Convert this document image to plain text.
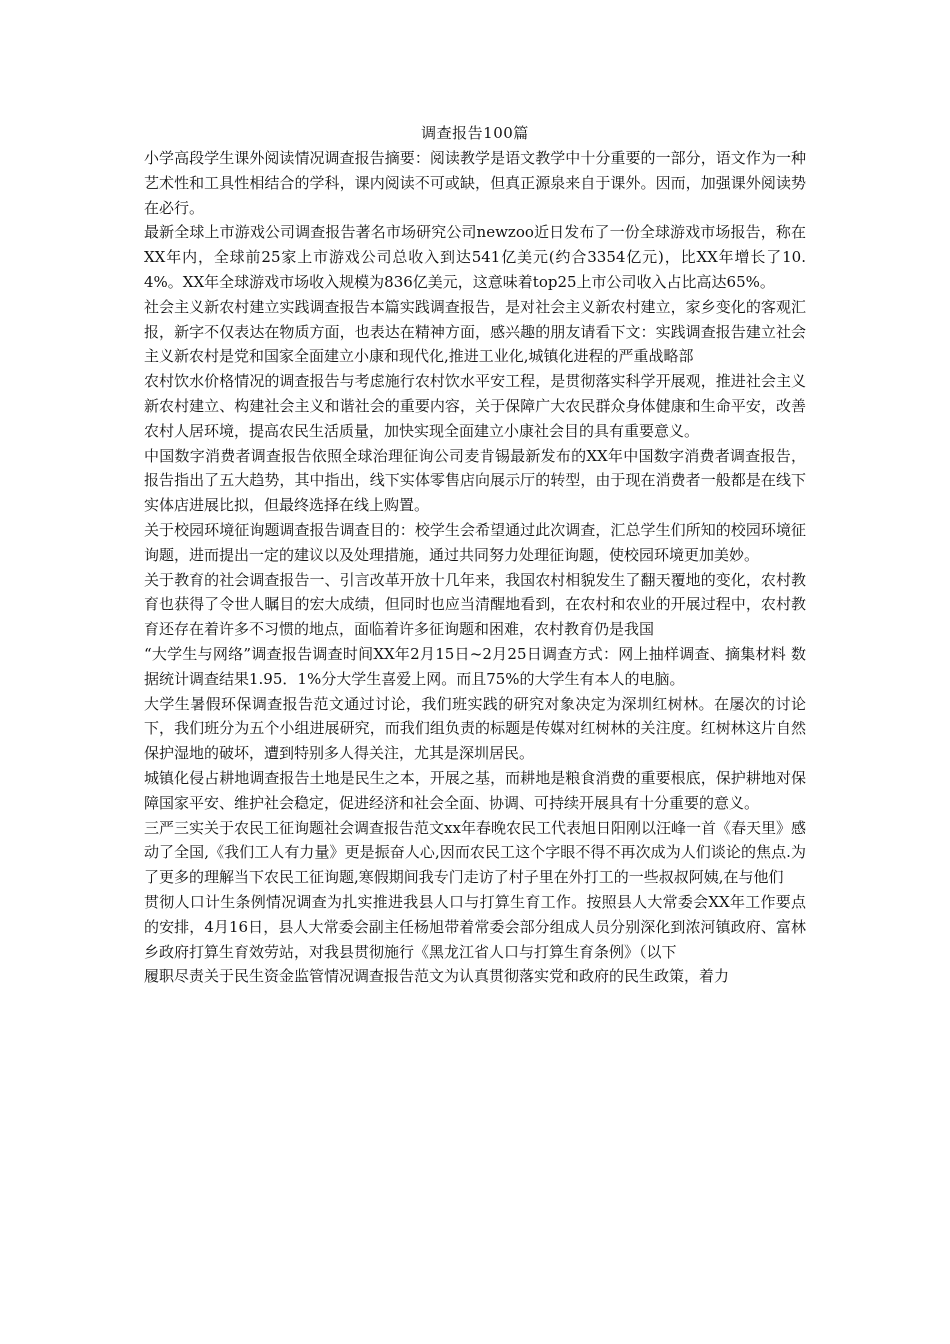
调查报告100篇

小学高段学生课外阅读情况调查报告摘要：阅读教学是语文教学中十分重要的一部分，语文作为一种艺术性和工具性相结合的学科，课内阅读不可或缺，但真正源泉来自于课外。因而，加强课外阅读势在必行。

最新全球上市游戏公司调查报告著名市场研究公司newzoo近日发布了一份全球游戏市场报告，称在XX年内，全球前25家上市游戏公司总收入到达541亿美元(约合3354亿元)，比XX年增长了10.4%。XX年全球游戏市场收入规模为836亿美元，这意味着top25上市公司收入占比高达65%。

社会主义新农村建立实践调查报告本篇实践调查报告，是对社会主义新农村建立，家乡变化的客观汇报，新字不仅表达在物质方面，也表达在精神方面，感兴趣的朋友请看下文：实践调查报告建立社会主义新农村是党和国家全面建立小康和现代化,推进工业化,城镇化进程的严重战略部

农村饮水价格情况的调查报告与考虑施行农村饮水平安工程，是贯彻落实科学开展观，推进社会主义新农村建立、构建社会主义和谐社会的重要内容，关于保障广大农民群众身体健康和生命平安，改善农村人居环境，提高农民生活质量，加快实现全面建立小康社会目的具有重要意义。

中国数字消费者调查报告依照全球治理征询公司麦肯锡最新发布的XX年中国数字消费者调查报告，报告指出了五大趋势，其中指出，线下实体零售店向展示厅的转型，由于现在消费者一般都是在线下实体店进展比拟，但最终选择在线上购置。

关于校园环境征询题调查报告调查目的：校学生会希望通过此次调查，汇总学生们所知的校园环境征询题，进而提出一定的建议以及处理措施，通过共同努力处理征询题，使校园环境更加美妙。

关于教育的社会调查报告一、引言改革开放十几年来，我国农村相貌发生了翻天覆地的变化，农村教育也获得了令世人瞩目的宏大成绩，但同时也应当清醒地看到，在农村和农业的开展过程中，农村教育还存在着许多不习惯的地点，面临着许多征询题和困难，农村教育仍是我国

“大学生与网络”调查报告调查时间XX年2月15日~2月25日调查方式：网上抽样调查、摘集材料 数据统计调查结果1.95．1%分大学生喜爱上网。而且75%的大学生有本人的电脑。

大学生暑假环保调查报告范文通过讨论，我们班实践的研究对象决定为深圳红树林。在屡次的讨论下，我们班分为五个小组进展研究，而我们组负责的标题是传媒对红树林的关注度。红树林这片自然保护湿地的破坏，遭到特别多人得关注，尤其是深圳居民。

城镇化侵占耕地调查报告土地是民生之本，开展之基，而耕地是粮食消费的重要根底，保护耕地对保障国家平安、维护社会稳定，促进经济和社会全面、协调、可持续开展具有十分重要的意义。

三严三实关于农民工征询题社会调查报告范文xx年春晚农民工代表旭日阳刚以汪峰一首《春天里》感动了全国,《我们工人有力量》更是振奋人心,因而农民工这个字眼不得不再次成为人们谈论的焦点.为了更多的理解当下农民工征询题,寒假期间我专门走访了村子里在外打工的一些叔叔阿姨,在与他们

贯彻人口计生条例情况调查为扎实推进我县人口与打算生育工作。按照县人大常委会XX年工作要点的安排，4月16日，县人大常委会副主任杨旭带着常委会部分组成人员分别深化到浓河镇政府、富林乡政府打算生育效劳站，对我县贯彻施行《黑龙江省人口与打算生育条例》（以下

履职尽责关于民生资金监管情况调查报告范文为认真贯彻落实党和政府的民生政策，着力
